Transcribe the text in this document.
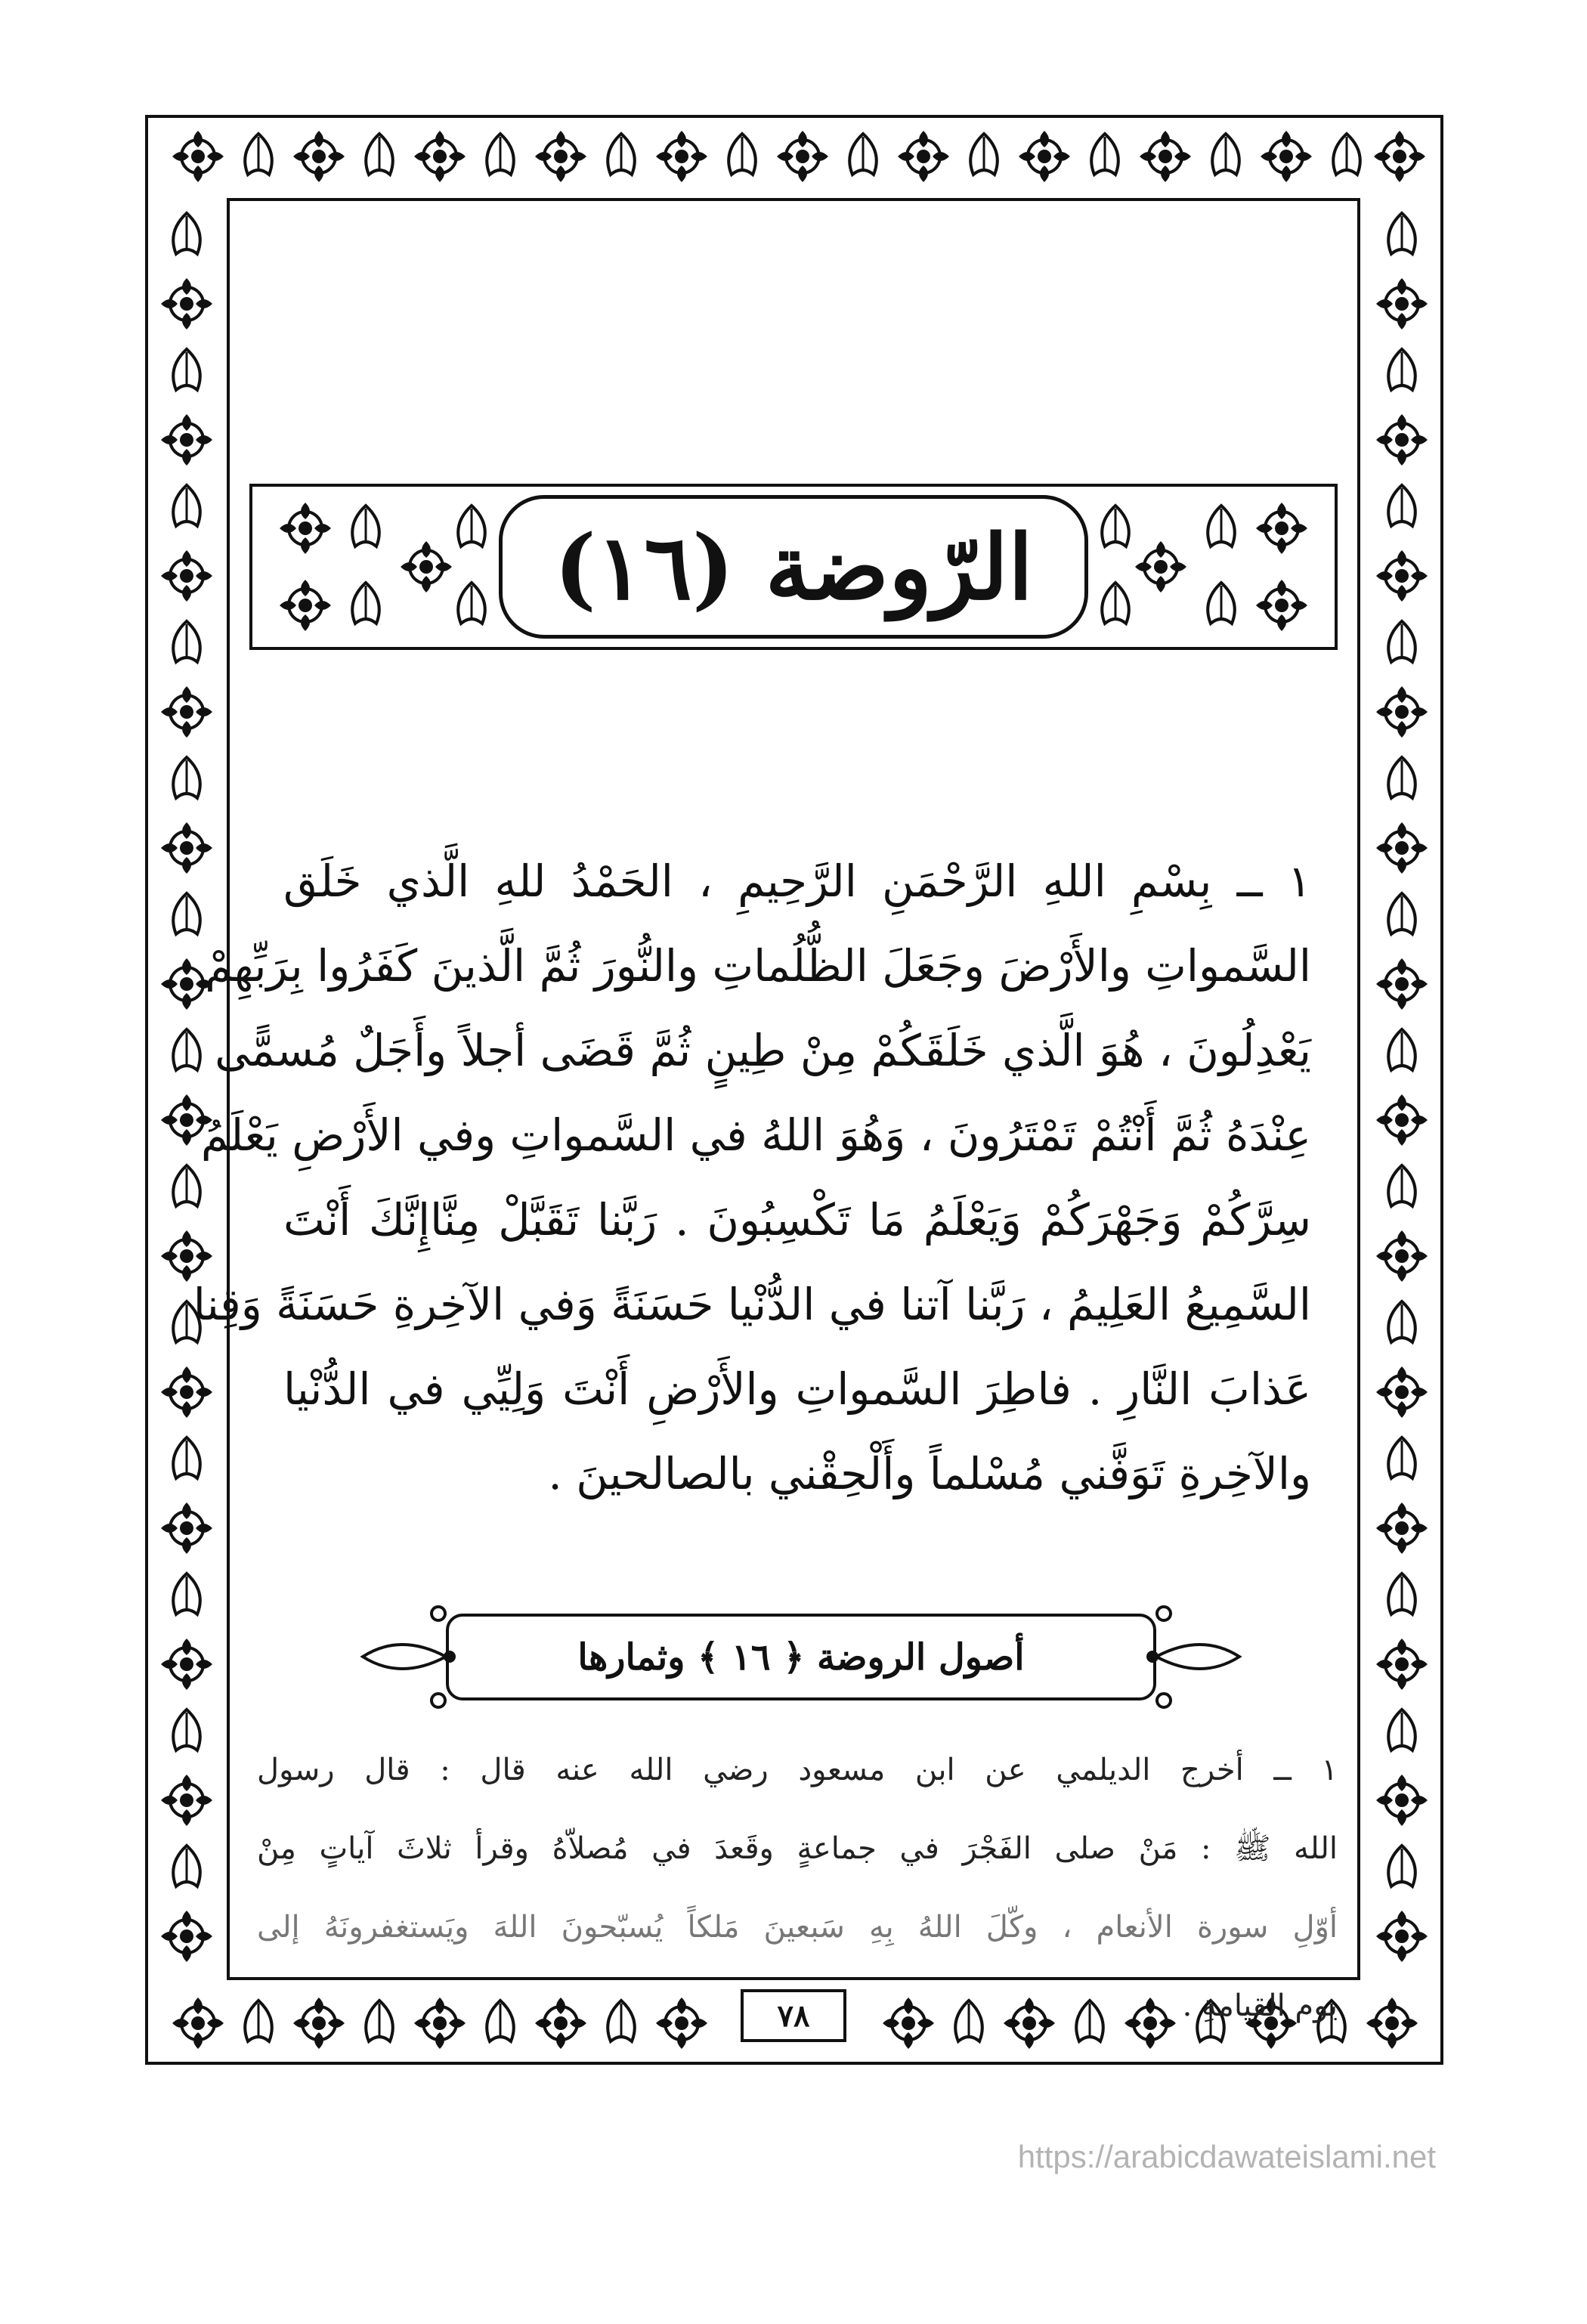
الرّوضة (١٦)
١ ــ بِسْمِ اللهِ الرَّحْمَنِ الرَّحِيمِ ، الحَمْدُ للهِ الَّذي خَلَق
السَّمواتِ والأَرْضَ وجَعَلَ الظُّلُماتِ والنُّورَ ثُمَّ الَّذينَ كَفَرُوا بِرَبِّهِمْ
يَعْدِلُونَ ، هُوَ الَّذي خَلَقَكُمْ مِنْ طِينٍ ثُمَّ قَضَى أجلاً وأَجَلٌ مُسمًّى
عِنْدَهُ ثُمَّ أَنْتُمْ تَمْتَرُونَ ، وَهُوَ اللهُ في السَّمواتِ وفي الأَرْضِ يَعْلَمُ
سِرَّكُمْ وَجَهْرَكُمْ وَيَعْلَمُ مَا تَكْسِبُونَ . رَبَّنا تَقَبَّلْ مِنَّاإِنَّكَ أَنْتَ
السَّمِيعُ العَلِيمُ ، رَبَّنا آتنا في الدُّنْيا حَسَنَةً وَفي الآخِرةِ حَسَنَةً وَقِنا
عَذابَ النَّارِ . فاطِرَ السَّمواتِ والأَرْضِ أَنْتَ وَلِيِّي في الدُّنْيا
والآخِرةِ تَوَفَّني مُسْلماً وأَلْحِقْني بالصالحينَ .
أصول الروضة ﴿ ١٦ ﴾ وثمارها
١ ــ أخرج الديلمي عن ابن مسعود رضي الله عنه قال : قال رسول
الله ﷺ : مَنْ صلى الفَجْرَ في جماعةٍ وقَعدَ في مُصلاّهُ وقرأ ثلاثَ آياتٍ مِنْ
أوّلِ سورة الأنعام ، وكّلَ اللهُ بِهِ سَبعينَ مَلكاً يُسبّحونَ اللهَ ويَستغفرونَهُ إلى
يوم القيامةِ .
٧٨
https://arabicdawateislami.net
